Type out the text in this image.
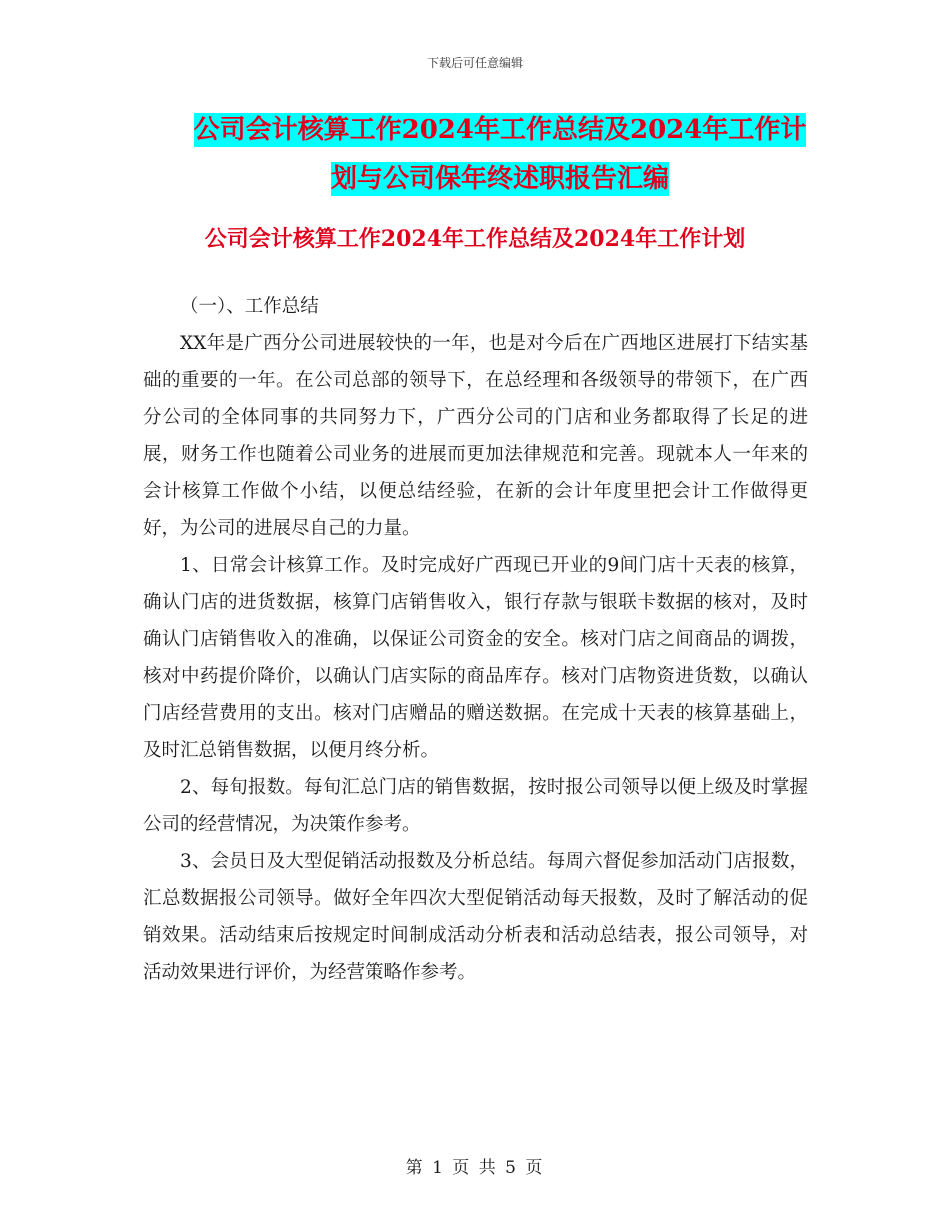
下载后可任意编辑
公司会计核算工作2024年工作总结及2024年工作计
划与公司保年终述职报告汇编
公司会计核算工作2024年工作总结及2024年工作计划
（一）、工作总结

XX年是广西分公司进展较快的一年，也是对今后在广西地区进展打下结实基础的重要的一年。在公司总部的领导下，在总经理和各级领导的带领下，在广西分公司的全体同事的共同努力下，广西分公司的门店和业务都取得了长足的进展，财务工作也随着公司业务的进展而更加法律规范和完善。现就本人一年来的会计核算工作做个小结，以便总结经验，在新的会计年度里把会计工作做得更好，为公司的进展尽自己的力量。

1、日常会计核算工作。及时完成好广西现已开业的9间门店十天表的核算，确认门店的进货数据，核算门店销售收入，银行存款与银联卡数据的核对，及时确认门店销售收入的准确，以保证公司资金的安全。核对门店之间商品的调拨，核对中药提价降价，以确认门店实际的商品库存。核对门店物资进货数，以确认门店经营费用的支出。核对门店赠品的赠送数据。在完成十天表的核算基础上，及时汇总销售数据，以便月终分析。

2、每旬报数。每旬汇总门店的销售数据，按时报公司领导以便上级及时掌握公司的经营情况，为决策作参考。

3、会员日及大型促销活动报数及分析总结。每周六督促参加活动门店报数，汇总数据报公司领导。做好全年四次大型促销活动每天报数，及时了解活动的促销效果。活动结束后按规定时间制成活动分析表和活动总结表，报公司领导，对活动效果进行评价，为经营策略作参考。

第 1 页 共 5 页
